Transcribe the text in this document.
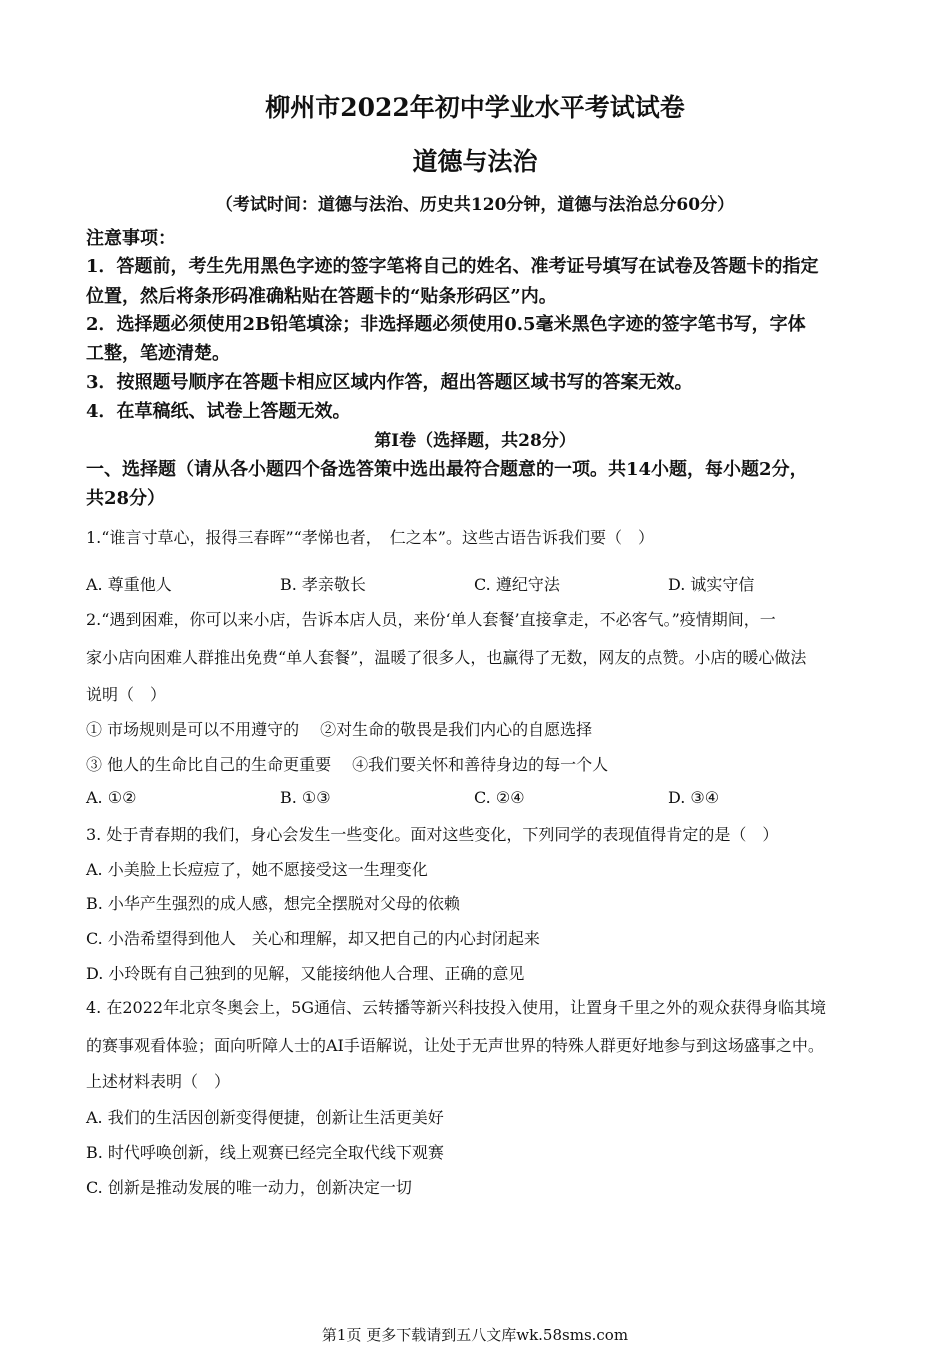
柳州市2022年初中学业水平考试试卷
道德与法治
（考试时间：道德与法治、历史共120分钟，道德与法治总分60分）
注意事项：
1．答题前，考生先用黑色字迹的签字笔将自己的姓名、准考证号填写在试卷及答题卡的指定
位置，然后将条形码准确粘贴在答题卡的“贴条形码区”内。
2．选择题必须使用2B铅笔填涂；非选择题必须使用0.5毫米黑色字迹的签字笔书写，字体
工整，笔迹清楚。
3．按照题号顺序在答题卡相应区域内作答，超出答题区域书写的答案无效。
4．在草稿纸、试卷上答题无效。
第Ⅰ卷（选择题，共28分）
一、选择题（请从各小题四个备选答策中选出最符合题意的一项。共14小题，每小题2分，
共28分）
1.“谁言寸草心，报得三春晖”“孝悌也者，　仁之本”。这些古语告诉我们要（　）
A. 尊重他人	B. 孝亲敬长	C. 遵纪守法	D. 诚实守信
2.“遇到困难，你可以来小店，告诉本店人员，来份‘单人套餐’直接拿走，不必客气。”疫情期间，一
家小店向困难人群推出免费“单人套餐”，温暖了很多人，也赢得了无数，网友的点赞。小店的暖心做法
说明（　）
① 市场规则是可以不用遵守的　 ②对生命的敬畏是我们内心的自愿选择
③ 他人的生命比自己的生命更重要　 ④我们要关怀和善待身边的每一个人
A. ①②	B. ①③	C. ②④	D. ③④
3. 处于青春期的我们，身心会发生一些变化。面对这些变化，下列同学的表现值得肯定的是（　）
A. 小美脸上长痘痘了，她不愿接受这一生理变化
B. 小华产生强烈的成人感，想完全摆脱对父母的依赖
C. 小浩希望得到他人　关心和理解，却又把自己的内心封闭起来
D. 小玲既有自己独到的见解，又能接纳他人合理、正确的意见
4. 在2022年北京冬奥会上，5G通信、云转播等新兴科技投入使用，让置身千里之外的观众获得身临其境
的赛事观看体验；面向听障人士的AI手语解说，让处于无声世界的特殊人群更好地参与到这场盛事之中。
上述材料表明（　）
A. 我们的生活因创新变得便捷，创新让生活更美好
B. 时代呼唤创新，线上观赛已经完全取代线下观赛
C. 创新是推动发展的唯一动力，创新决定一切
第1页 更多下载请到五八文库wk.58sms.com
